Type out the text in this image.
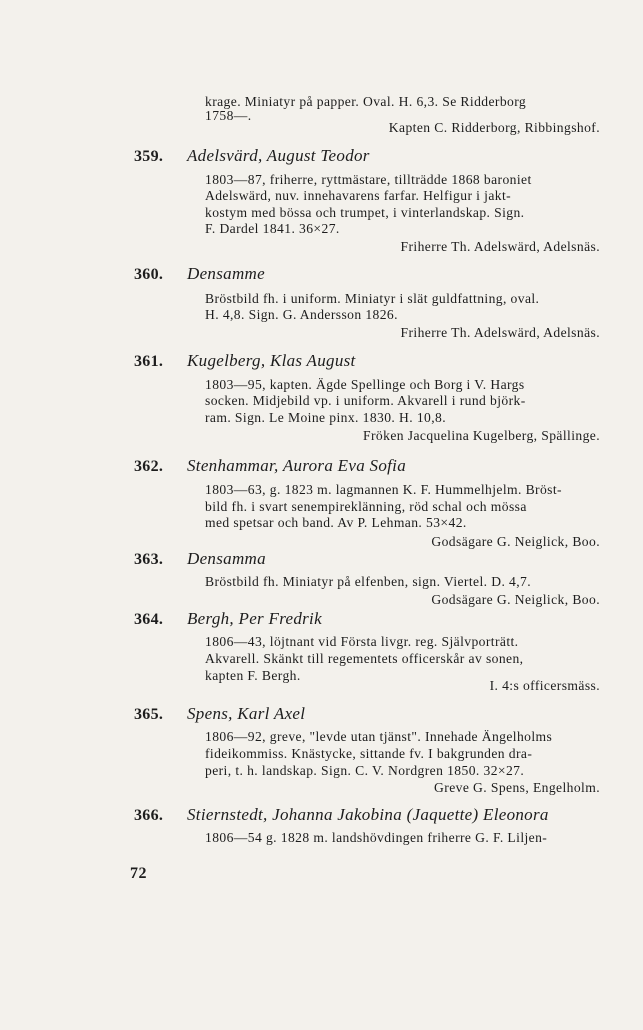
krage. Miniatyr på papper. Oval. H. 6,3. Se Ridderborg
1758—.
Kapten C. Ridderborg, Ribbingshof.
359. Adelsvärd, August Teodor
1803—87, friherre, ryttmästare, tillträdde 1868 baroniet
Adelswärd, nuv. innehavarens farfar. Helfigur i jakt-
kostym med bössa och trumpet, i vinterlandskap. Sign.
F. Dardel 1841. 36×27.
Friherre Th. Adelswärd, Adelsnäs.
360. Densamme
Bröstbild fh. i uniform. Miniatyr i slät guldfattning, oval.
H. 4,8. Sign. G. Andersson 1826.
Friherre Th. Adelswärd, Adelsnäs.
361. Kugelberg, Klas August
1803—95, kapten. Ägde Spellinge och Borg i V. Hargs
socken. Midjebild vp. i uniform. Akvarell i rund björk-
ram. Sign. Le Moine pinx. 1830. H. 10,8.
Fröken Jacquelina Kugelberg, Spällinge.
362. Stenhammar, Aurora Eva Sofia
1803—63, g. 1823 m. lagmannen K. F. Hummelhjelm. Bröst-
bild fh. i svart senempireklänning, röd schal och mössa
med spetsar och band. Av P. Lehman. 53×42.
Godsägare G. Neiglick, Boo.
363. Densamma
Bröstbild fh. Miniatyr på elfenben, sign. Viertel. D. 4,7.
Godsägare G. Neiglick, Boo.
364. Bergh, Per Fredrik
1806—43, löjtnant vid Första livgr. reg. Självporträtt.
Akvarell. Skänkt till regementets officerskår av sonen,
kapten F. Bergh.
I. 4:s officersmäss.
365. Spens, Karl Axel
1806—92, greve, "levde utan tjänst". Innehade Ängelholms
fideikommiss. Knästycke, sittande fv. I bakgrunden dra-
peri, t. h. landskap. Sign. C. V. Nordgren 1850. 32×27.
Greve G. Spens, Engelholm.
366. Stiernstedt, Johanna Jakobina (Jaquette) Eleonora
1806—54 g. 1828 m. landshövdingen friherre G. F. Liljen-
72
